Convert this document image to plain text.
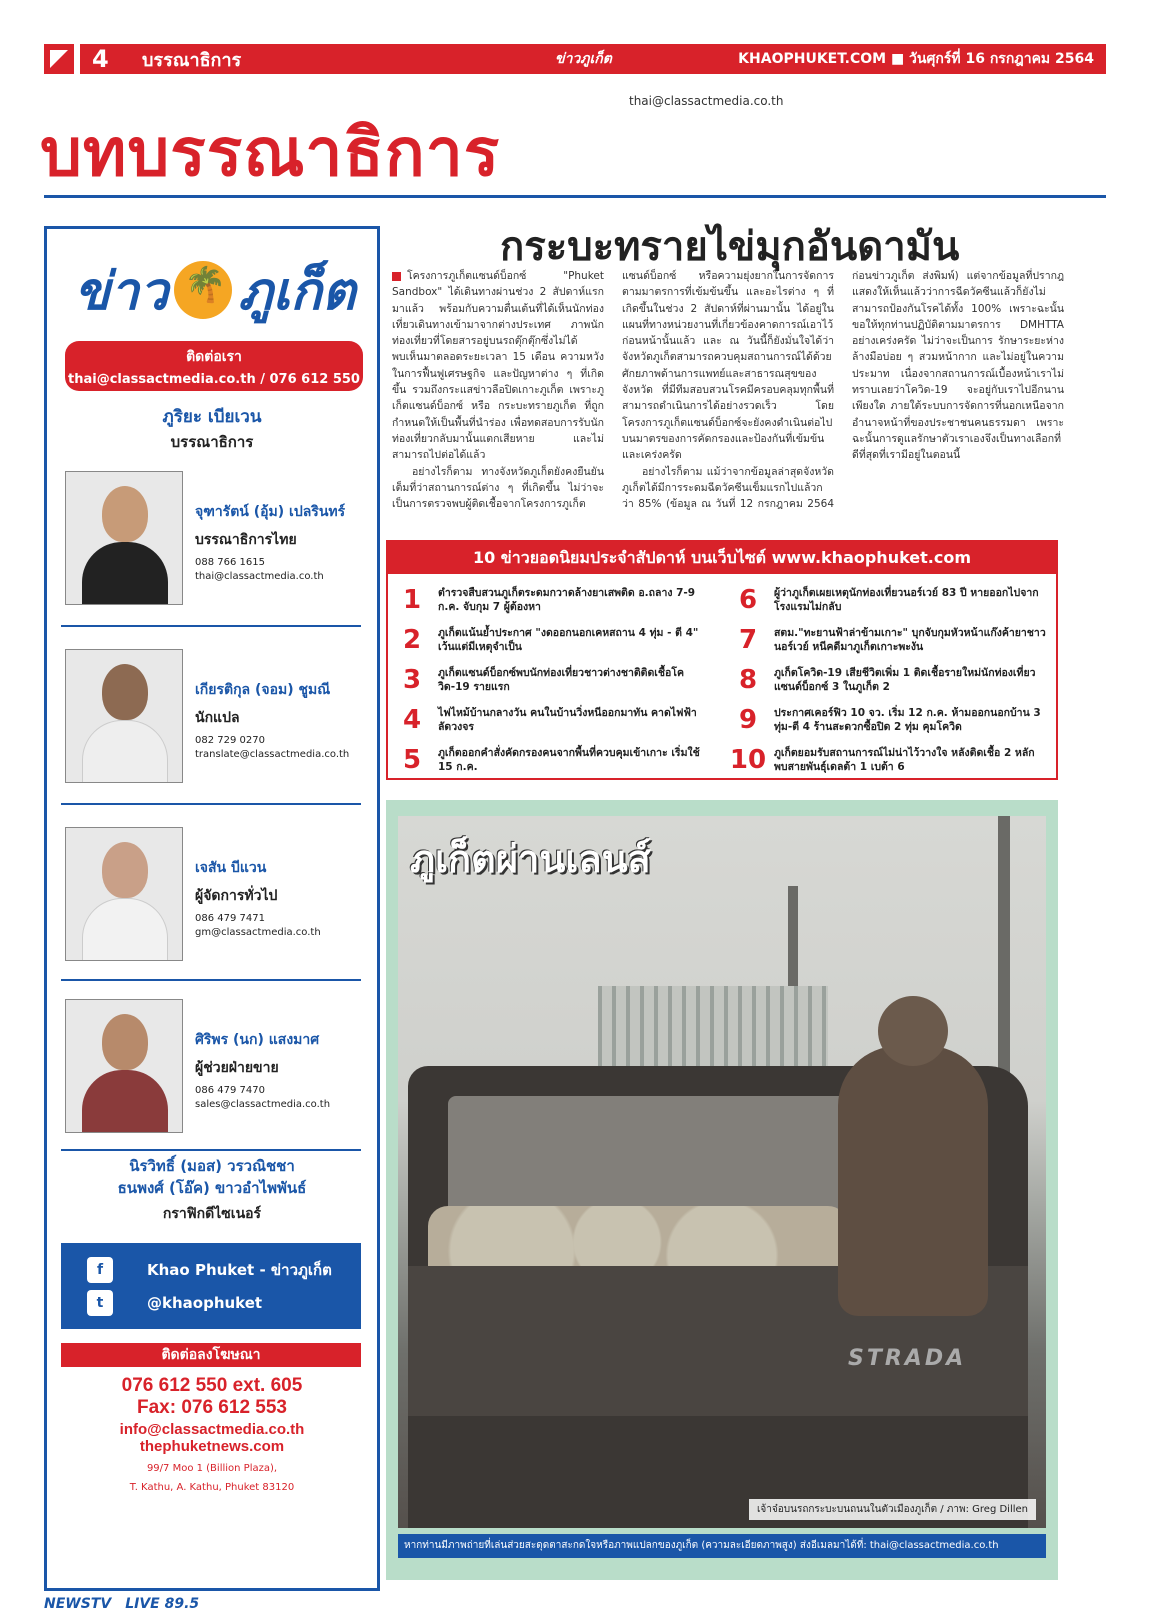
4	บรรณาธิการ	ข่าวภูเก็ต	KHAOPHUKET.COM ■ วันศุกร์ที่ 16 กรกฎาคม 2564
บทบรรณาธิการ
thai@classactmedia.co.th
ข่าว
🌴 ภูเก็ต
ติดต่อเรา
thai@classactmedia.co.th / 076 612 550
ภูริยะ เบียเวน
บรรณาธิการ
จุฑารัตน์ (อุ้ม) เปลรินทร์
บรรณาธิการไทย
088 766 1615
thai@classactmedia.co.th
เกียรติกุล (จอม) ชูมณี
นักแปล
082 729 0270
translate@classactmedia.co.th
เจสัน บีแวน
ผู้จัดการทั่วไป
086 479 7471
gm@classactmedia.co.th
ศิริพร (นก) แสงมาศ
ผู้ช่วยฝ่ายขาย
086 479 7470
sales@classactmedia.co.th
นิรวิทธิ์ (มอส) วรวณิชชา
ธนพงศ์ (โอ๊ค) ขาวอำไพพันธ์
กราฟิกดีไซเนอร์
f	Khao Phuket - ข่าวภูเก็ต
t	@khaophuket
ติดต่อลงโฆษณา
076 612 550 ext. 605
Fax: 076 612 553
info@classactmedia.co.th
thephuketnews.com
99/7 Moo 1 (Billion Plaza),
T. Kathu, A. Kathu, Phuket 83120
กระบะทรายไข่มุกอันดามัน

โครงการภูเก็ตแซนด์บ็อกซ์ "Phuket Sandbox" ได้เดินทางผ่านช่วง 2 สัปดาห์แรกมาแล้ว พร้อมกับความตื่นเต้นที่ได้เห็นนักท่องเที่ยวเดินทางเข้ามาจากต่างประเทศ ภาพนักท่องเที่ยวที่โดยสารอยู่บนรถตุ๊กตุ๊กซึ่งไม่ได้พบเห็นมาตลอดระยะเวลา 15 เดือน ความหวังในการฟื้นฟูเศรษฐกิจ และปัญหาต่าง ๆ ที่เกิดขึ้น รวมถึงกระแสข่าวลือปิดเกาะภูเก็ต เพราะภูเก็ตแซนด์บ็อกซ์ หรือ กระบะทรายภูเก็ต ที่ถูกกำหนดให้เป็นพื้นที่นำร่อง เพื่อทดสอบการรับนักท่องเที่ยวกลับมานั้นแตกเสียหาย และไม่สามารถไปต่อได้แล้ว

อย่างไรก็ตาม ทางจังหวัดภูเก็ตยังคงยืนยันเต็มที่ว่าสถานการณ์ต่าง ๆ ที่เกิดขึ้น ไม่ว่าจะเป็นการตรวจพบผู้ติดเชื้อจากโครงการภูเก็ตแซนด์บ็อกซ์ หรือความยุ่งยากในการจัดการตามมาตรการที่เข้มข้นขึ้น และอะไรต่าง ๆ ที่เกิดขึ้นในช่วง 2 สัปดาห์ที่ผ่านมานั้น ได้อยู่ในแผนที่ทางหน่วยงานที่เกี่ยวข้องคาดการณ์เอาไว้ก่อนหน้านั้นแล้ว และ ณ วันนี้ก็ยังมั่นใจได้ว่าจังหวัดภูเก็ตสามารถควบคุมสถานการณ์ได้ด้วยศักยภาพด้านการแพทย์และสาธารณสุขของจังหวัด ที่มีทีมสอบสวนโรคมีครอบคลุมทุกพื้นที่สามารถดำเนินการได้อย่างรวดเร็ว โดยโครงการภูเก็ตแซนด์บ็อกซ์จะยังคงดำเนินต่อไป บนมาตรของการคัดกรองและป้องกันที่เข้มข้นและเคร่งครัด

อย่างไรก็ตาม แม้ว่าจากข้อมูลล่าสุดจังหวัดภูเก็ตได้มีการระดมฉีดวัคซีนเข็มแรกไปแล้วกว่า 85% (ข้อมูล ณ วันที่ 12 กรกฎาคม 2564 ก่อนข่าวภูเก็ต ส่งพิมพ์) แต่จากข้อมูลที่ปรากฎแสดงให้เห็นแล้วว่าการฉีดวัคซีนแล้วก็ยังไม่สามารถป้องกันโรคได้ทั้ง 100% เพราะฉะนั้นขอให้ทุกท่านปฏิบัติตามมาตรการ DMHTTA อย่างเคร่งครัด ไม่ว่าจะเป็นการ รักษาระยะห่าง ล้างมือบ่อย ๆ สวมหน้ากาก และไม่อยู่ในความประมาท เนื่องจากสถานการณ์เบื้องหน้าเราไม่ทราบเลยว่าโควิด-19 จะอยู่กับเราไปอีกนานเพียงใด ภายใต้ระบบการจัดการที่นอกเหนือจากอำนาจหน้าที่ของประชาชนคนธรรมดา เพราะฉะนั้นการดูแลรักษาตัวเราเองจึงเป็นทางเลือกที่ดีที่สุดที่เรามีอยู่ในตอนนี้

10 ข่าวยอดนิยมประจำสัปดาห์ บนเว็บไซต์ www.khaophuket.com
1	ตำรวจสืบสวนภูเก็ตระดมกวาดล้างยาเสพติด อ.ถลาง 7-9 ก.ค. จับกุม 7 ผู้ต้องหา
2	ภูเก็ตแน้นย้ำประกาศ "งดออกนอกเคหสถาน 4 ทุ่ม - ตี 4" เว้นแต่มีเหตุจำเป็น
3	ภูเก็ตแซนด์บ็อกซ์พบนักท่องเที่ยวชาวต่างชาติติดเชื้อโควิด-19 รายแรก
4	ไฟไหม้บ้านกลางวัน คนในบ้านวิ่งหนีออกมาทัน คาดไฟฟ้าลัดวงจร
5	ภูเก็ตออกคำสั่งคัดกรองคนจากพื้นที่ควบคุมเข้าเกาะ เริ่มใช้ 15 ก.ค.
6	ผู้ว่าภูเก็ตเผยเหตุนักท่องเที่ยวนอร์เวย์ 83 ปี หายออกไปจากโรงแรมไม่กลับ
7	สตม."ทะยานฟ้าล่าข้ามเกาะ" บุกจับกุมหัวหน้าแก๊งค้ายาชาวนอร์เวย์ หนีคดีมาภูเก็ตเกาะพะงัน
8	ภูเก็ตโควิด-19 เสียชีวิตเพิ่ม 1 ติดเชื้อรายใหม่นักท่องเที่ยวแซนด์บ็อกซ์ 3 ในภูเก็ต 2
9	ประกาศเคอร์ฟิว 10 จว. เริ่ม 12 ก.ค. ห้ามออกนอกบ้าน 3 ทุ่ม-ตี 4 ร้านสะดวกซื้อปิด 2 ทุ่ม คุมโควิด
10 ภูเก็ตยอมรับสถานการณ์ไม่น่าไว้วางใจ หลังติดเชื้อ 2 หลัก พบสายพันธุ์เดลต้า 1 เบต้า 6
STRADA
ภูเก็ตผ่านเลนส์
เจ้าจ๋อบนรถกระบะบนถนนในตัวเมืองภูเก็ต / ภาพ: Greg Dillen
หากท่านมีภาพถ่ายที่เล่นส่วยสะดุดตาสะกดใจหรือภาพแปลกของภูเก็ต (ความละเอียดภาพสูง) ส่งอีเมลมาได้ที่: thai@classactmedia.co.th
NEWSTV LIVE 89.5
